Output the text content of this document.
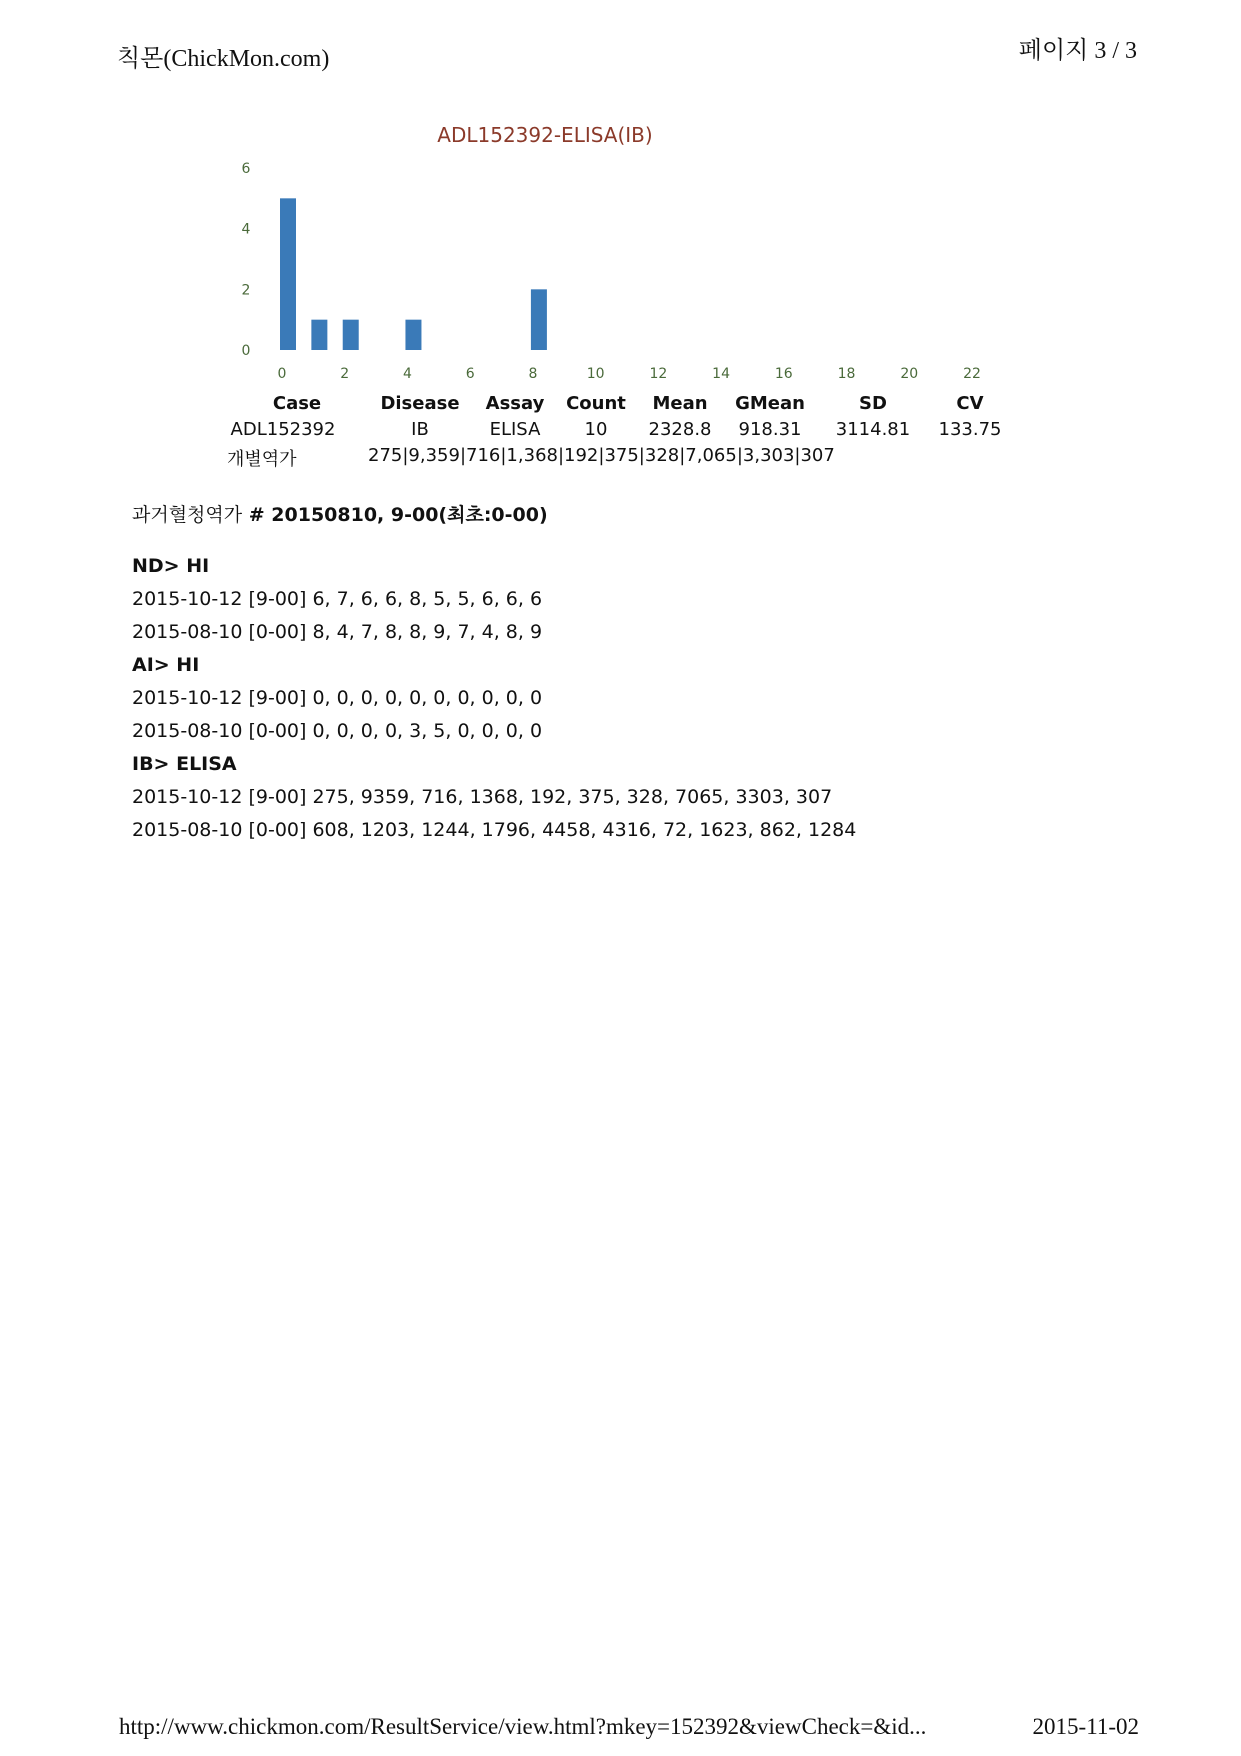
칙몬(ChickMon.com)	페이지 3 / 3
ADL152392-ELISA(IB)
0
2
4
6
0	2	4	6	8	10	12	14	16	18	20	22
Case	Disease Assay Count Mean GMean	SD	CV
ADL152392	IB	ELISA 10 2328.8 918.31 3114.81 133.75
개별역가	275|9,359|716|1,368|192|375|328|7,065|3,303|307
과거혈청역가 # 20150810, 9-00(최초:0-00)
ND> HI
2015-10-12 [9-00] 6, 7, 6, 6, 8, 5, 5, 6, 6, 6
2015-08-10 [0-00] 8, 4, 7, 8, 8, 9, 7, 4, 8, 9
AI> HI
2015-10-12 [9-00] 0, 0, 0, 0, 0, 0, 0, 0, 0, 0
2015-08-10 [0-00] 0, 0, 0, 0, 3, 5, 0, 0, 0, 0
IB> ELISA
2015-10-12 [9-00] 275, 9359, 716, 1368, 192, 375, 328, 7065, 3303, 307
2015-08-10 [0-00] 608, 1203, 1244, 1796, 4458, 4316, 72, 1623, 862, 1284
http://www.chickmon.com/ResultService/view.html?mkey=152392&viewCheck=&id...	2015-11-02
